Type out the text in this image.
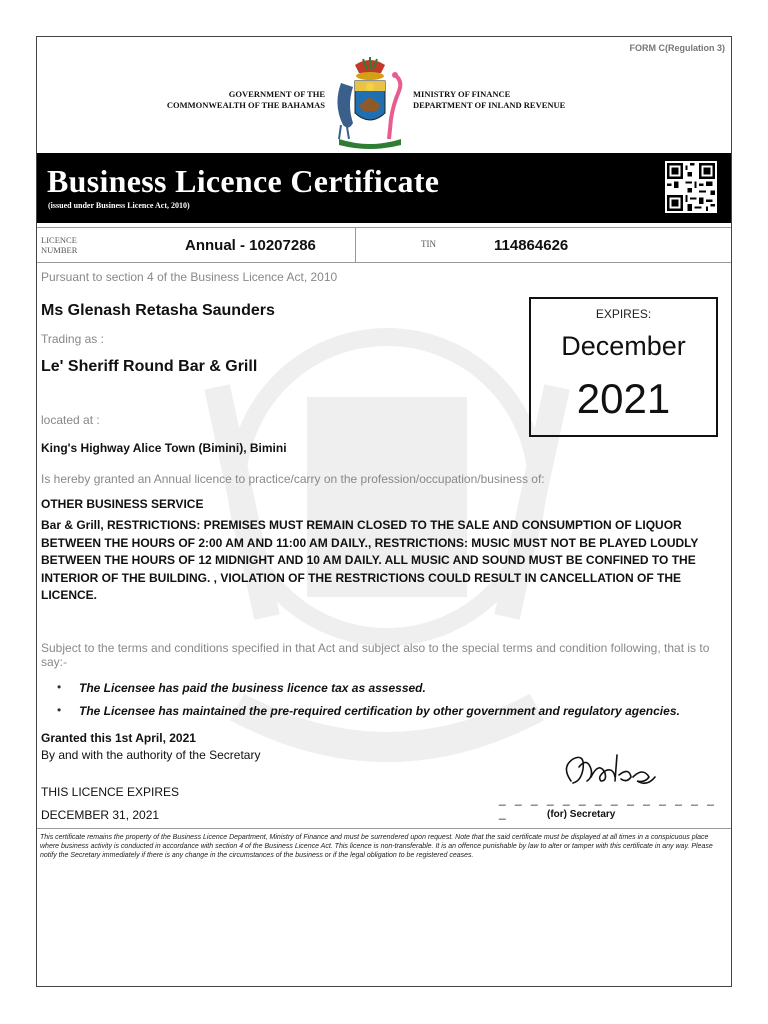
FORM C(Regulation 3)
GOVERNMENT OF THE
COMMONWEALTH OF THE BAHAMAS
MINISTRY OF FINANCE
DEPARTMENT OF INLAND REVENUE
Business Licence Certificate
(issued under Business Licence Act, 2010)
LICENCE NUMBER	Annual - 10207286	TIN	114864626
Pursuant to section 4 of the Business Licence Act, 2010
Ms Glenash Retasha Saunders
Trading as :
Le' Sheriff Round Bar & Grill
located at :
King's Highway Alice Town (Bimini), Bimini
Is hereby granted an Annual licence to practice/carry on the profession/occupation/business of:
OTHER BUSINESS SERVICE
Bar & Grill, RESTRICTIONS: PREMISES MUST REMAIN CLOSED TO THE SALE AND CONSUMPTION OF LIQUOR BETWEEN THE HOURS OF 2:00 AM AND 11:00 AM DAILY., RESTRICTIONS: MUSIC MUST NOT BE PLAYED LOUDLY BETWEEN THE HOURS OF 12 MIDNIGHT AND 10 AM DAILY. ALL MUSIC AND SOUND MUST BE CONFINED TO THE INTERIOR OF THE BUILDING. , VIOLATION OF THE RESTRICTIONS COULD RESULT IN CANCELLATION OF THE LICENCE.
EXPIRES:
December
2021
Subject to the terms and conditions specified in that Act and subject also to the special terms and condition following, that is to say:-
• The Licensee has paid the business licence tax as assessed.
• The Licensee has maintained the pre-required certification by other government and regulatory agencies.
Granted this 1st April, 2021
By and with the authority of the Secretary
THIS LICENCE EXPIRES
DECEMBER 31, 2021
_ _ _ _ _ _ _ _ _ _ _ _ _ _ _	(for) Secretary
This certificate remains the property of the Business Licence Department, Ministry of Finance and must be surrendered upon request. Note that the said certificate must be displayed at all times in a conspicuous place where business activity is conducted in accordance with section 4 of the Business Licence Act. This licence is non-transferable. It is an offence punishable by law to alter or tamper with this certificate in any way. Please notify the Secretary immediately if there is any change in the circumstances of the business or if the legal obligation to be registered ceases.
